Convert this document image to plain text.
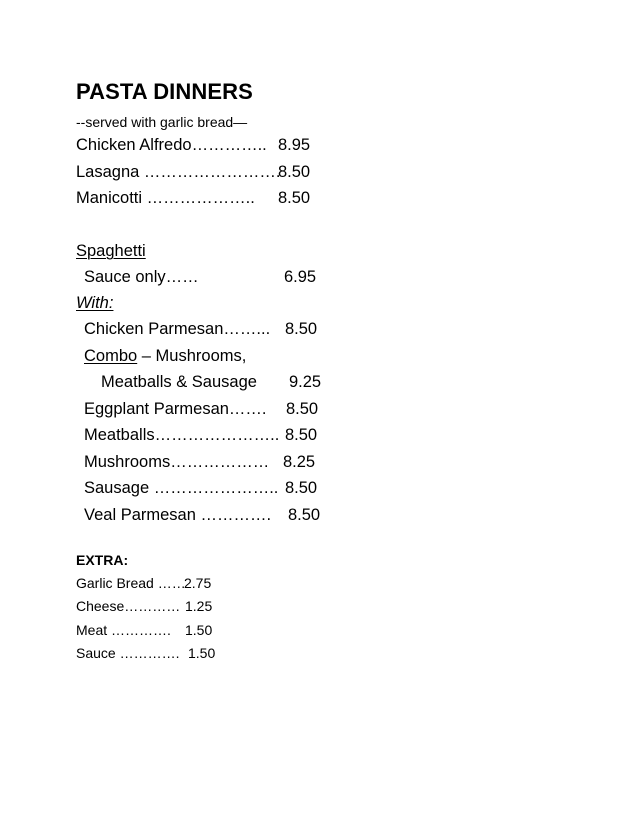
PASTA DINNERS
--served with garlic bread—
Chicken Alfredo………….. 8.95
Lasagna …………………….
8.50
Manicotti ……………….. 8.50
Spaghetti
Sauce only……	6.95
With:
Chicken Parmesan……... 8.50
Combo – Mushrooms,
Meatballs & Sausage 9.25
Eggplant Parmesan……. 8.50
Meatballs………………….. 8.50
Mushrooms……………… 8.25
Sausage ………………….. 8.50
Veal Parmesan …………. 8.50
EXTRA:
Garlic Bread ……
2.75
Cheese………… 1.25
Meat …………. 1.50
Sauce …………. 1.50
